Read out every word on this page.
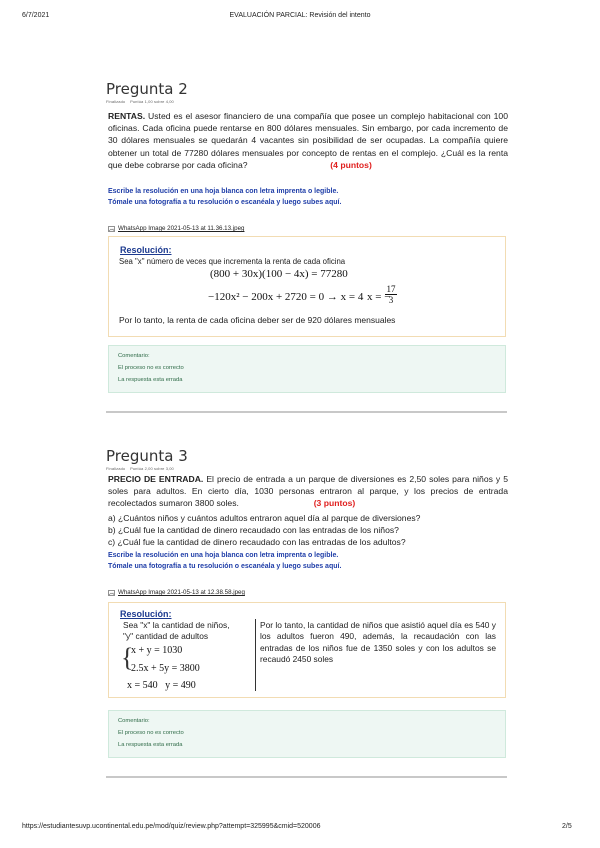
6/7/2021	EVALUACIÓN PARCIAL: Revisión del intento
Pregunta 2
Finalizado Puntúa 1,00 sobre 4,00
RENTAS. Usted es el asesor financiero de una compañía que posee un complejo habitacional con 100 oficinas. Cada oficina puede rentarse en 800 dólares mensuales. Sin embargo, por cada incremento de 30 dólares mensuales se quedarán 4 vacantes sin posibilidad de ser ocupadas. La compañía quiere obtener un total de 77280 dólares mensuales por concepto de rentas en el complejo. ¿Cuál es la renta que debe cobrarse por cada oficina?	(4 puntos)
Escribe la resolución en una hoja blanca con letra imprenta o legible.
Tómale una fotografía a tu resolución o escanéala y luego subes aquí.
WhatsApp Image 2021-05-13 at 11.36.13.jpeg
Resolución:
Sea "x" número de veces que incrementa la renta de cada oficina
(800 + 30x)(100 − 4x) = 77280
−120x² − 200x + 2720 = 0 → x = 4 x = −
$\frac{17}{3}$
Por lo tanto, la renta de cada oficina deber ser de 920 dólares mensuales
Comentario:
El proceso no es correcto
La respuesta esta errada
Pregunta 3
Finalizado Puntúa 2,00 sobre 3,00
PRECIO DE ENTRADA. El precio de entrada a un parque de diversiones es 2,50 soles para niños y 5 soles para adultos. En cierto día, 1030 personas entraron al parque, y los precios de entrada recolectados sumaron 3800 soles.	(3 puntos)
a) ¿Cuántos niños y cuántos adultos entraron aquel día al parque de diversiones?
b) ¿Cuál fue la cantidad de dinero recaudado con las entradas de los niños?
c) ¿Cuál fue la cantidad de dinero recaudado con las entradas de los adultos?
Escribe la resolución en una hoja blanca con letra imprenta o legible.
Tómale una fotografía a tu resolución o escanéala y luego subes aquí.
WhatsApp Image 2021-05-13 at 12.38.58.jpeg
Resolución:
Sea "x" la cantidad de niños,
"y" cantidad de adultos
{
x + y = 1030
2.5x + 5y = 3800
x = 540   y = 490
Por lo tanto, la cantidad de niños que asistió aquel día es 540 y los adultos fueron 490, además, la recaudación con las entradas de los niños fue de 1350 soles y con los adultos se recaudó 2450 soles
Comentario:
El proceso no es correcto
La respuesta esta errada
https://estudiantesuvp.ucontinental.edu.pe/mod/quiz/review.php?attempt=325995&cmid=520006	2/5
